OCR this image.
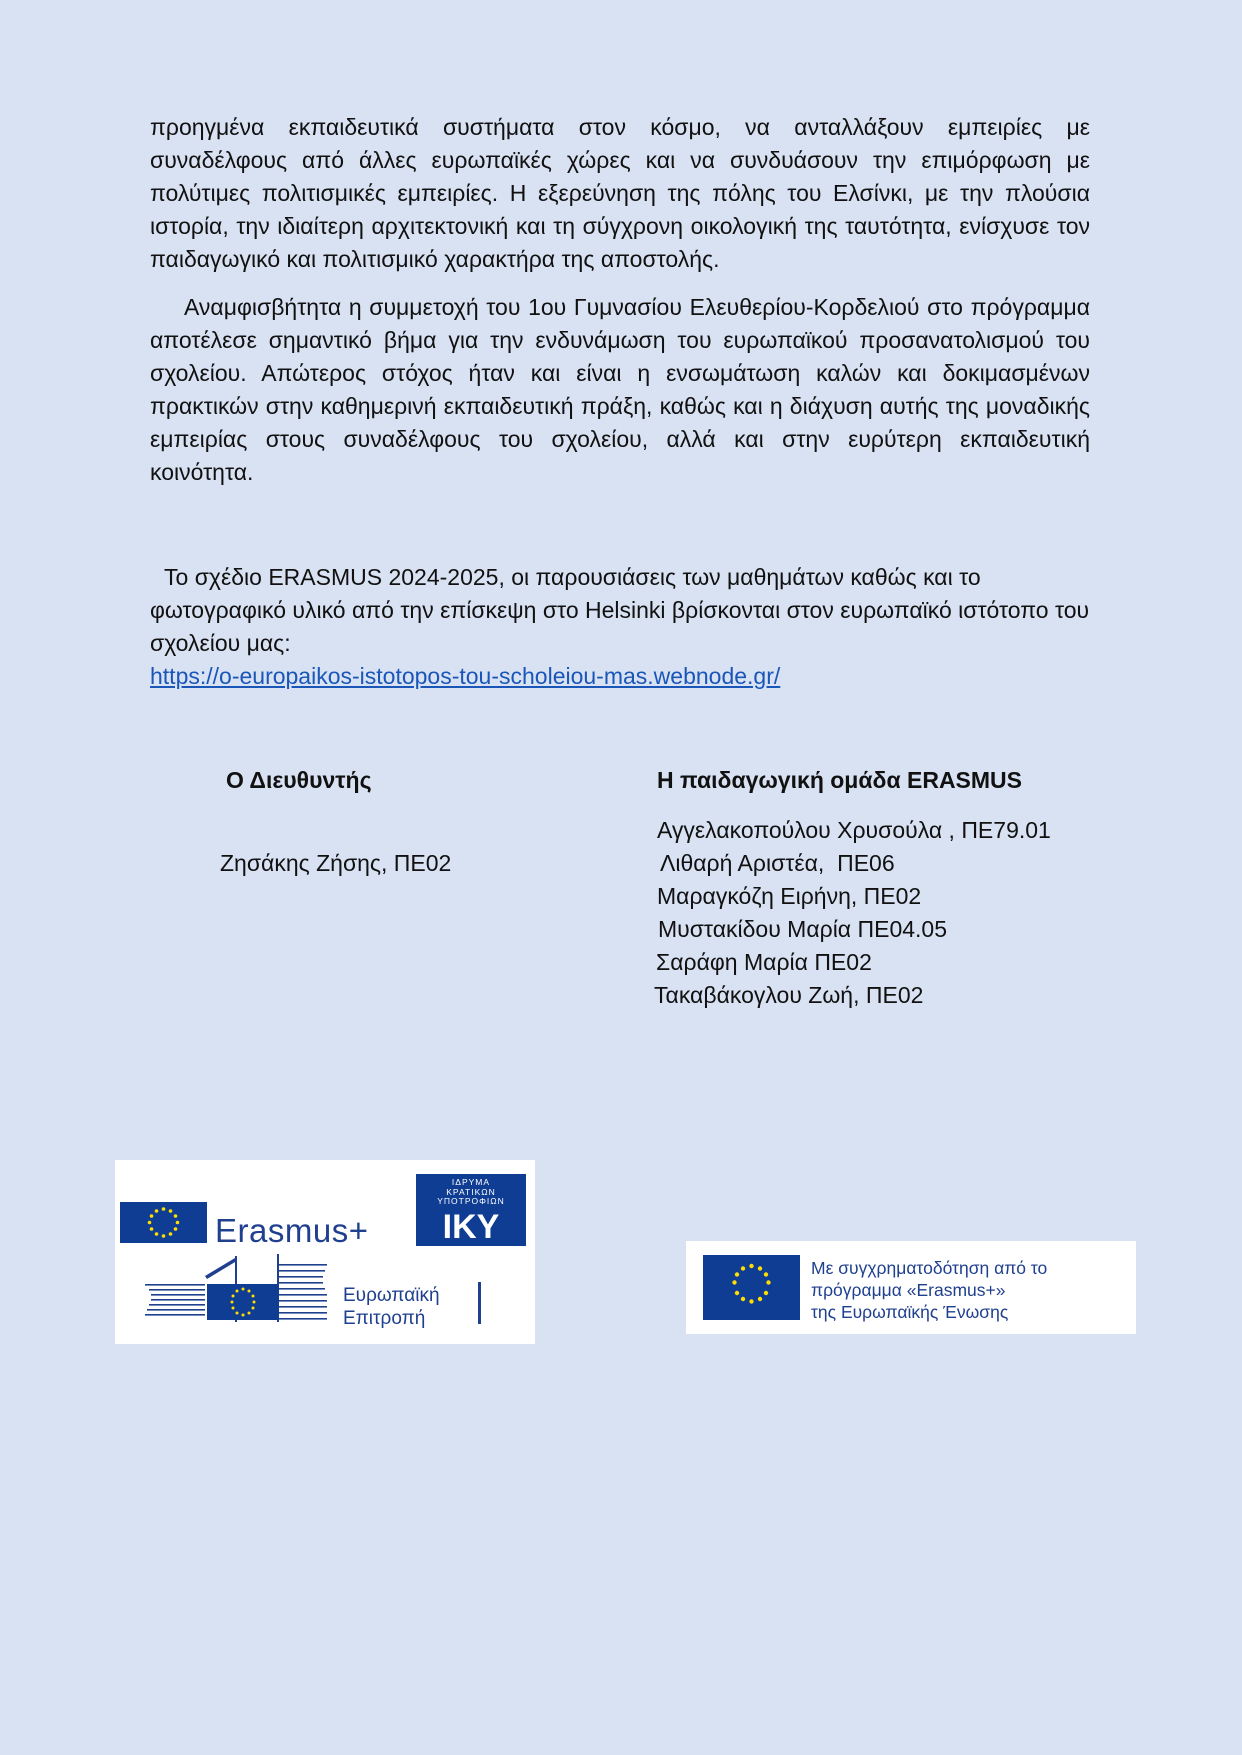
προηγμένα εκπαιδευτικά συστήματα στον κόσμο, να ανταλλάξουν εμπειρίες με συναδέλφους από άλλες ευρωπαϊκές χώρες και να συνδυάσουν την επιμόρφωση με πολύτιμες πολιτισμικές εμπειρίες. Η εξερεύνηση της πόλης του Ελσίνκι, με την πλούσια ιστορία, την ιδιαίτερη αρχιτεκτονική και τη σύγχρονη οικολογική της ταυτότητα, ενίσχυσε τον παιδαγωγικό και πολιτισμικό χαρακτήρα της αποστολής.

Αναμφισβήτητα η συμμετοχή του 1ου Γυμνασίου Ελευθερίου-Κορδελιού στο πρόγραμμα αποτέλεσε σημαντικό βήμα για την ενδυνάμωση του ευρωπαϊκού προσανατολισμού του σχολείου. Απώτερος στόχος ήταν και είναι η ενσωμάτωση καλών και δοκιμασμένων πρακτικών στην καθημερινή εκπαιδευτική πράξη, καθώς και η διάχυση αυτής της μοναδικής εμπειρίας στους συναδέλφους του σχολείου, αλλά και στην ευρύτερη εκπαιδευτική κοινότητα.

Το σχέδιο ERASMUS 2024-2025, οι παρουσιάσεις των μαθημάτων καθώς και το φωτογραφικό υλικό από την επίσκεψη στο Helsinki βρίσκονται στον ευρωπαϊκό ιστότοπο του σχολείου μας:

https://o-europaikos-istotopos-tou-scholeiou-mas.webnode.gr/
Ο Διευθυντής
Ζησάκης Ζήσης, ΠΕ02
Η παιδαγωγική ομάδα ERASMUS
Αγγελακοπούλου Χρυσούλα , ΠΕ79.01
Λιθαρή Αριστέα,  ΠΕ06
Μαραγκόζη Ειρήνη, ΠΕ02
Μυστακίδου Μαρία ΠΕ04.05
Σαράφη Μαρία ΠΕ02
Τακαβάκογλου Ζωή, ΠΕ02
Erasmus+
ΙΔΡΥΜΑ
ΚΡΑΤΙΚΩΝ
ΥΠΟΤΡΟΦΙΩΝ
ΙΚΥ
Ευρωπαϊκή
Επιτροπή
Με συγχρηματοδότηση από το
πρόγραμμα «Erasmus+»
της Ευρωπαϊκής Ένωσης
